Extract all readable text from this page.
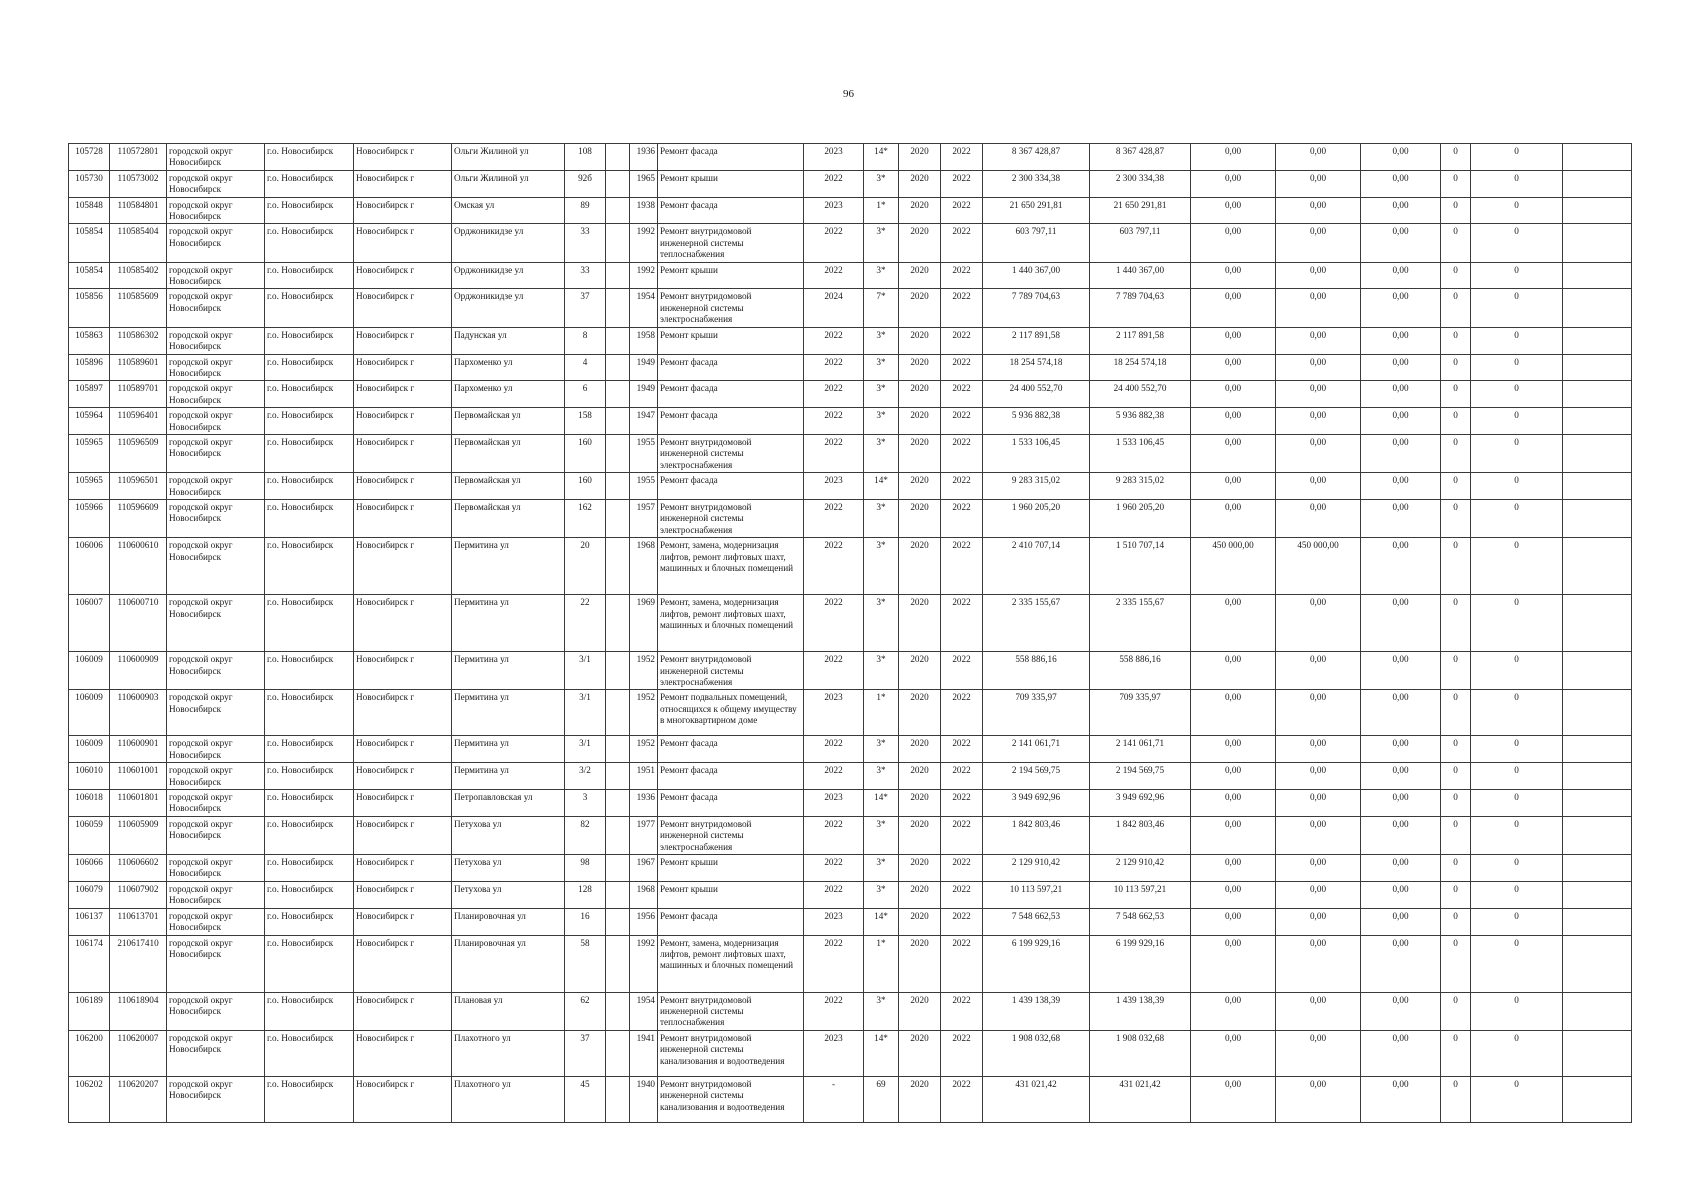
96
105728	110572801	городской округ Новосибирск	г.о. Новосибирск	Новосибирск г	Ольги Жилиной ул	108		1936	Ремонт фасада	2023	14*	2020	2022	8 367 428,87	8 367 428,87	0,00	0,00	0,00	0	0	
105730	110573002	городской округ Новосибирск	г.о. Новосибирск	Новосибирск г	Ольги Жилиной ул	92б		1965	Ремонт крыши	2022	3*	2020	2022	2 300 334,38	2 300 334,38	0,00	0,00	0,00	0	0	
105848	110584801	городской округ Новосибирск	г.о. Новосибирск	Новосибирск г	Омская ул	89		1938	Ремонт фасада	2023	1*	2020	2022	21 650 291,81	21 650 291,81	0,00	0,00	0,00	0	0	
105854	110585404	городской округ Новосибирск	г.о. Новосибирск	Новосибирск г	Орджоникидзе ул	33		1992	Ремонт внутридомовой инженерной системы теплоснабжения	2022	3*	2020	2022	603 797,11	603 797,11	0,00	0,00	0,00	0	0	
105854	110585402	городской округ Новосибирск	г.о. Новосибирск	Новосибирск г	Орджоникидзе ул	33		1992	Ремонт крыши	2022	3*	2020	2022	1 440 367,00	1 440 367,00	0,00	0,00	0,00	0	0	
105856	110585609	городской округ Новосибирск	г.о. Новосибирск	Новосибирск г	Орджоникидзе ул	37		1954	Ремонт внутридомовой инженерной системы электроснабжения	2024	7*	2020	2022	7 789 704,63	7 789 704,63	0,00	0,00	0,00	0	0	
105863	110586302	городской округ Новосибирск	г.о. Новосибирск	Новосибирск г	Падунская ул	8		1958	Ремонт крыши	2022	3*	2020	2022	2 117 891,58	2 117 891,58	0,00	0,00	0,00	0	0	
105896	110589601	городской округ Новосибирск	г.о. Новосибирск	Новосибирск г	Пархоменко ул	4		1949	Ремонт фасада	2022	3*	2020	2022	18 254 574,18	18 254 574,18	0,00	0,00	0,00	0	0	
105897	110589701	городской округ Новосибирск	г.о. Новосибирск	Новосибирск г	Пархоменко ул	6		1949	Ремонт фасада	2022	3*	2020	2022	24 400 552,70	24 400 552,70	0,00	0,00	0,00	0	0	
105964	110596401	городской округ Новосибирск	г.о. Новосибирск	Новосибирск г	Первомайская ул	158		1947	Ремонт фасада	2022	3*	2020	2022	5 936 882,38	5 936 882,38	0,00	0,00	0,00	0	0	
105965	110596509	городской округ Новосибирск	г.о. Новосибирск	Новосибирск г	Первомайская ул	160		1955	Ремонт внутридомовой инженерной системы электроснабжения	2022	3*	2020	2022	1 533 106,45	1 533 106,45	0,00	0,00	0,00	0	0	
105965	110596501	городской округ Новосибирск	г.о. Новосибирск	Новосибирск г	Первомайская ул	160		1955	Ремонт фасада	2023	14*	2020	2022	9 283 315,02	9 283 315,02	0,00	0,00	0,00	0	0	
105966	110596609	городской округ Новосибирск	г.о. Новосибирск	Новосибирск г	Первомайская ул	162		1957	Ремонт внутридомовой инженерной системы электроснабжения	2022	3*	2020	2022	1 960 205,20	1 960 205,20	0,00	0,00	0,00	0	0	
106006	110600610	городской округ Новосибирск	г.о. Новосибирск	Новосибирск г	Пермитина ул	20		1968	Ремонт, замена, модернизация лифтов, ремонт лифтовых шахт, машинных и блочных помещений	2022	3*	2020	2022	2 410 707,14	1 510 707,14	450 000,00	450 000,00	0,00	0	0	
106007	110600710	городской округ Новосибирск	г.о. Новосибирск	Новосибирск г	Пермитина ул	22		1969	Ремонт, замена, модернизация лифтов, ремонт лифтовых шахт, машинных и блочных помещений	2022	3*	2020	2022	2 335 155,67	2 335 155,67	0,00	0,00	0,00	0	0	
106009	110600909	городской округ Новосибирск	г.о. Новосибирск	Новосибирск г	Пермитина ул	3/1		1952	Ремонт внутридомовой инженерной системы электроснабжения	2022	3*	2020	2022	558 886,16	558 886,16	0,00	0,00	0,00	0	0	
106009	110600903	городской округ Новосибирск	г.о. Новосибирск	Новосибирск г	Пермитина ул	3/1		1952	Ремонт подвальных помещений, относящихся к общему имуществу в многоквартирном доме	2023	1*	2020	2022	709 335,97	709 335,97	0,00	0,00	0,00	0	0	
106009	110600901	городской округ Новосибирск	г.о. Новосибирск	Новосибирск г	Пермитина ул	3/1		1952	Ремонт фасада	2022	3*	2020	2022	2 141 061,71	2 141 061,71	0,00	0,00	0,00	0	0	
106010	110601001	городской округ Новосибирск	г.о. Новосибирск	Новосибирск г	Пермитина ул	3/2		1951	Ремонт фасада	2022	3*	2020	2022	2 194 569,75	2 194 569,75	0,00	0,00	0,00	0	0	
106018	110601801	городской округ Новосибирск	г.о. Новосибирск	Новосибирск г	Петропавловская ул	3		1936	Ремонт фасада	2023	14*	2020	2022	3 949 692,96	3 949 692,96	0,00	0,00	0,00	0	0	
106059	110605909	городской округ Новосибирск	г.о. Новосибирск	Новосибирск г	Петухова ул	82		1977	Ремонт внутридомовой инженерной системы электроснабжения	2022	3*	2020	2022	1 842 803,46	1 842 803,46	0,00	0,00	0,00	0	0	
106066	110606602	городской округ Новосибирск	г.о. Новосибирск	Новосибирск г	Петухова ул	98		1967	Ремонт крыши	2022	3*	2020	2022	2 129 910,42	2 129 910,42	0,00	0,00	0,00	0	0	
106079	110607902	городской округ Новосибирск	г.о. Новосибирск	Новосибирск г	Петухова ул	128		1968	Ремонт крыши	2022	3*	2020	2022	10 113 597,21	10 113 597,21	0,00	0,00	0,00	0	0	
106137	110613701	городской округ Новосибирск	г.о. Новосибирск	Новосибирск г	Планировочная ул	16		1956	Ремонт фасада	2023	14*	2020	2022	7 548 662,53	7 548 662,53	0,00	0,00	0,00	0	0	
106174	210617410	городской округ Новосибирск	г.о. Новосибирск	Новосибирск г	Планировочная ул	58		1992	Ремонт, замена, модернизация лифтов, ремонт лифтовых шахт, машинных и блочных помещений	2022	1*	2020	2022	6 199 929,16	6 199 929,16	0,00	0,00	0,00	0	0	
106189	110618904	городской округ Новосибирск	г.о. Новосибирск	Новосибирск г	Плановая ул	62		1954	Ремонт внутридомовой инженерной системы теплоснабжения	2022	3*	2020	2022	1 439 138,39	1 439 138,39	0,00	0,00	0,00	0	0	
106200	110620007	городской округ Новосибирск	г.о. Новосибирск	Новосибирск г	Плахотного ул	37		1941	Ремонт внутридомовой инженерной системы канализования и водоотведения	2023	14*	2020	2022	1 908 032,68	1 908 032,68	0,00	0,00	0,00	0	0	
106202	110620207	городской округ Новосибирск	г.о. Новосибирск	Новосибирск г	Плахотного ул	45		1940	Ремонт внутридомовой инженерной системы канализования и водоотведения	-	69	2020	2022	431 021,42	431 021,42	0,00	0,00	0,00	0	0	
